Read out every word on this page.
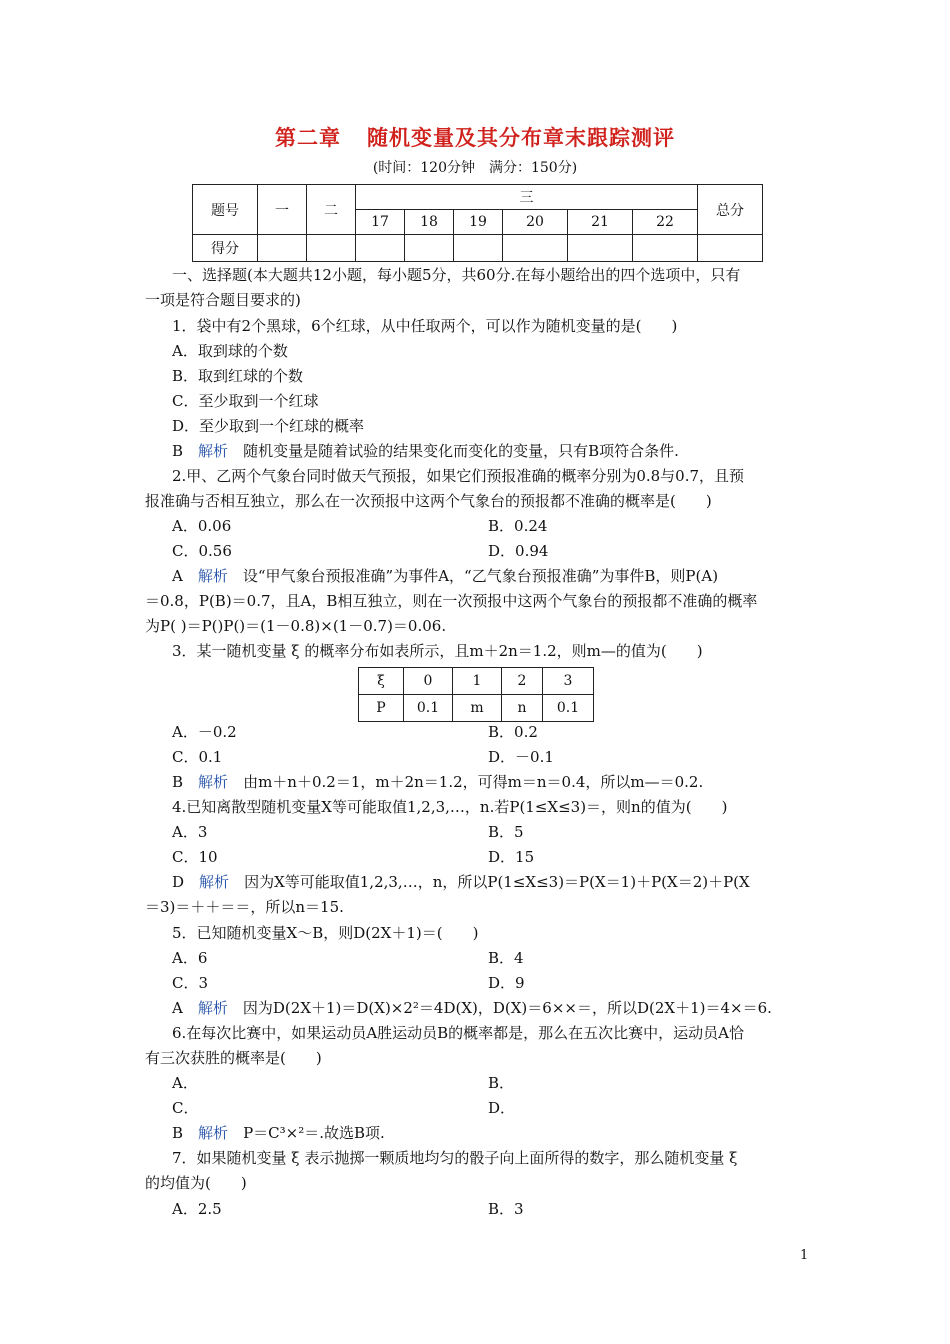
第二章 随机变量及其分布章末跟踪测评
(时间：120分钟　满分：150分)
题号	一	二	三						总分
			17	18	19	20	21	22	
得分									
一、选择题(本大题共12小题，每小题5分，共60分.在每小题给出的四个选项中，只有
一项是符合题目要求的)
1．袋中有2个黑球，6个红球，从中任取两个，可以作为随机变量的是(　　)
A．取到球的个数
B．取到红球的个数
C．至少取到一个红球
D．至少取到一个红球的概率
B　 解析　 随机变量是随着试验的结果变化而变化的变量，只有B项符合条件.
2.甲、乙两个气象台同时做天气预报，如果它们预报准确的概率分别为0.8与0.7，且预
报准确与否相互独立，那么在一次预报中这两个气象台的预报都不准确的概率是(　　)
A．0.06	B．0.24
C．0.56	D．0.94
A　 解析　 设“甲气象台预报准确”为事件A，“乙气象台预报准确”为事件B，则P(A)
＝0.8，P(B)＝0.7，且A，B相互独立，则在一次预报中这两个气象台的预报都不准确的概率
为P( )＝P()P()＝(1－0.8)×(1－0.7)＝0.06.
3．某一随机变量 ξ 的概率分布如表所示，且m＋2n＝1.2，则m—的值为(　　)
ξ	0	1	2	3
P	0.1	m	n	0.1
A．－0.2	B．0.2
C．0.1	D．－0.1
B　 解析　 由m＋n＋0.2＝1，m＋2n＝1.2，可得m＝n＝0.4，所以m—＝0.2.
4.已知离散型随机变量X等可能取值1,2,3,…，n.若P(1≤X≤3)＝，则n的值为(　　)
A．3	B．5
C．10	D．15
D　 解析　 因为X等可能取值1,2,3,…，n，所以P(1≤X≤3)＝P(X＝1)＋P(X＝2)＋P(X
＝3)＝＋＋＝＝，所以n＝15.
5．已知随机变量X～B，则D(2X＋1)＝(　　)
A．6	B．4
C．3	D．9
A　 解析　 因为D(2X＋1)＝D(X)×2²＝4D(X)，D(X)＝6××＝，所以D(2X＋1)＝4×＝6.
6.在每次比赛中，如果运动员A胜运动员B的概率都是，那么在五次比赛中，运动员A恰
有三次获胜的概率是(　　)
A．	B．
C．	D．
B　 解析　 P＝C³×²＝.故选B项.
7．如果随机变量 ξ 表示抛掷一颗质地均匀的骰子向上面所得的数字，那么随机变量 ξ
的均值为(　　)
A．2.5	B．3
1
